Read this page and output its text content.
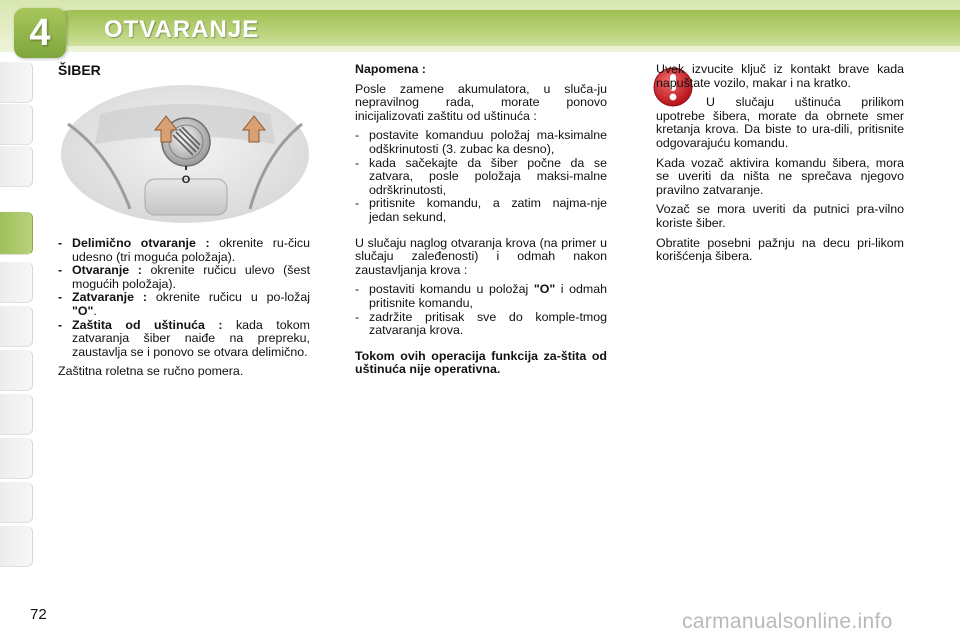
4 OTVARANJE
ŠIBER
O
- Delimično otvaranje : okrenite ru-čicu udesno (tri moguća položaja).
- Otvaranje : okrenite ručicu ulevo (šest mogućih položaja).
- Zatvaranje : okrenite ručicu u po-ložaj "O".
- Zaštita od uštinuća : kada tokom zatvaranja šiber naiđe na prepreku, zaustavlja se i ponovo se otvara delimično.

Zaštitna roletna se ručno pomera.

Napomena :

Posle zamene akumulatora, u sluča-ju nepravilnog rada, morate ponovo inicijalizovati zaštitu od uštinuća :

- postavite komanduu položaj ma-ksimalne odškrinutosti (3. zubac ka desno),
- kada sačekajte da šiber počne da se zatvara, posle položaja maksi-malne odrškrinutosti,
- pritisnite komandu, a zatim najma-nje jedan sekund,

U slučaju naglog otvaranja krova (na primer u slučaju zaleđenosti) i odmah nakon zaustavljanja krova :

- postaviti komandu u položaj "O" i odmah pritisnite komandu,
- zadržite pritisak sve do komple-tmog zatvaranja krova.

Tokom ovih operacija funkcija za-štita od uštinuća nije operativna.

Uvek izvucite ključ iz kontakt brave kada napuštate vozilo, makar i na kratko.

U slučaju uštinuća prilikom upotrebe šibera, morate da obrnete smer kretanja krova. Da biste to ura-dili, pritisnite odgovarajuću komandu.

Kada vozač aktivira komandu šibera, mora se uveriti da ništa ne sprečava njegovo pravilno zatvaranje.

Vozač se mora uveriti da putnici pra-vilno koriste šiber.

Obratite posebni pažnju na decu pri-likom korišćenja šibera.

72	carmanualsonline.info
